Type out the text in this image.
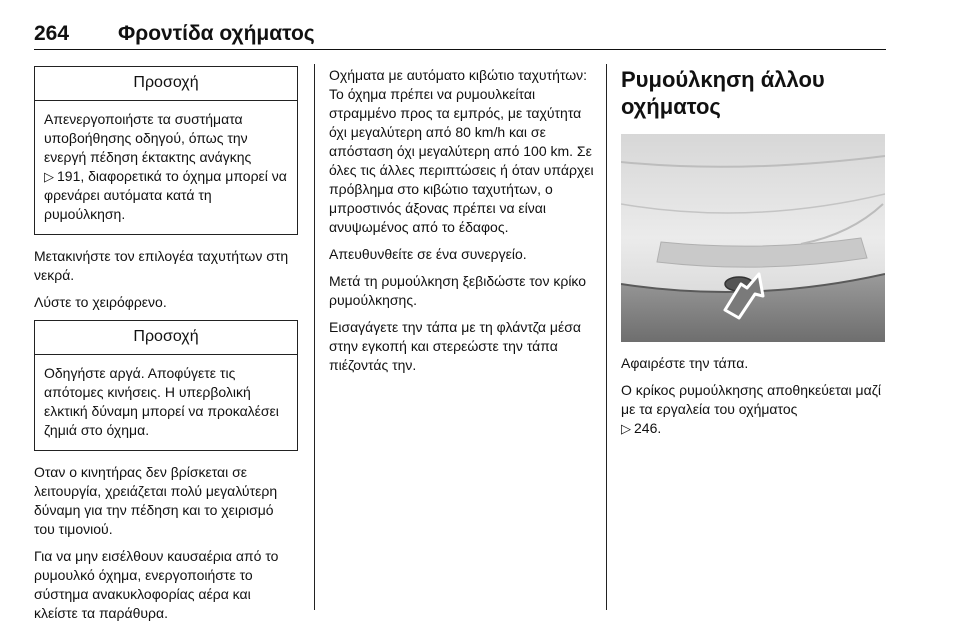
264 Φροντίδα οχήματος
Προσοχή
Απενεργοποιήστε τα συστήματα υποβοήθησης οδηγού, όπως την ενεργή πέδηση έκτακτης ανάγκης
▷ 191, διαφορετικά το όχημα μπορεί να φρενάρει αυτόματα κατά τη ρυμούλκηση.

Μετακινήστε τον επιλογέα ταχυτήτων στη νεκρά.

Λύστε το χειρόφρενο.

Προσοχή
Οδηγήστε αργά. Αποφύγετε τις απότομες κινήσεις. Η υπερβολική ελκτική δύναμη μπορεί να προκαλέσει ζημιά στο όχημα.

Οταν ο κινητήρας δεν βρίσκεται σε λειτουργία, χρειάζεται πολύ μεγαλύτερη δύναμη για την πέδηση και το χειρισμό του τιμονιού.

Για να μην εισέλθουν καυσαέρια από το ρυμουλκό όχημα, ενεργοποιήστε το σύστημα ανακυκλοφορίας αέρα και κλείστε τα παράθυρα.

Οχήματα με αυτόματο κιβώτιο ταχυτήτων: Το όχημα πρέπει να ρυμουλκείται στραμμένο προς τα εμπρός, με ταχύτητα όχι μεγαλύτερη από 80 km/h και σε απόσταση όχι μεγαλύτερη από 100 km. Σε όλες τις άλλες περιπτώσεις ή όταν υπάρχει πρόβλημα στο κιβώτιο ταχυτήτων, ο μπροστινός άξονας πρέπει να είναι ανυψωμένος από το έδαφος.

Απευθυνθείτε σε ένα συνεργείο.

Μετά τη ρυμούλκηση ξεβιδώστε τον κρίκο ρυμούλκησης.

Εισαγάγετε την τάπα με τη φλάντζα μέσα στην εγκοπή και στερεώστε την τάπα πιέζοντάς την.

Ρυμούλκηση άλλου οχήματος

Αφαιρέστε την τάπα.

Ο κρίκος ρυμούλκησης αποθηκεύεται μαζί με τα εργαλεία του οχήματος
▷ 246.
